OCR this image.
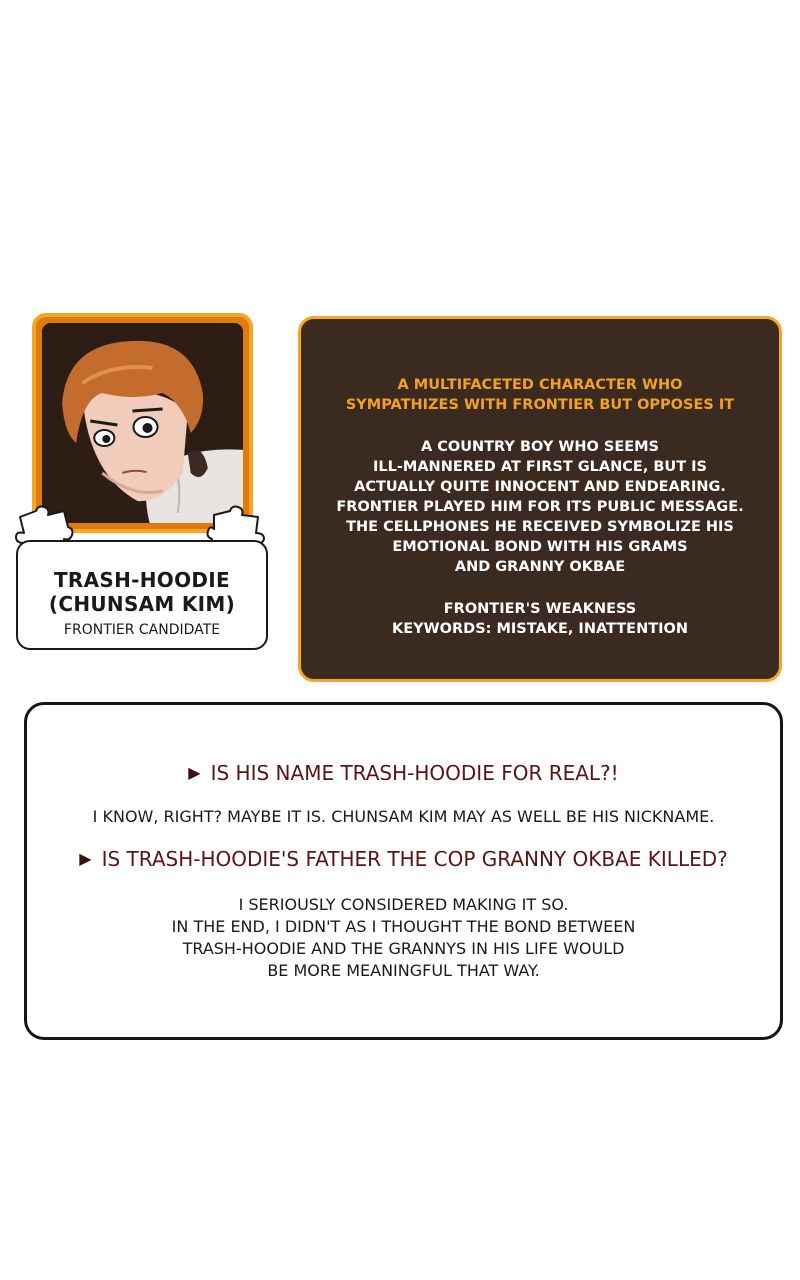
TRASH-HOODIE
(CHUNSAM KIM)
FRONTIER CANDIDATE
A MULTIFACETED CHARACTER WHO
SYMPATHIZES WITH FRONTIER BUT OPPOSES IT
A COUNTRY BOY WHO SEEMS
ILL-MANNERED AT FIRST GLANCE, BUT IS
ACTUALLY QUITE INNOCENT AND ENDEARING.
FRONTIER PLAYED HIM FOR ITS PUBLIC MESSAGE.
THE CELLPHONES HE RECEIVED SYMBOLIZE HIS
EMOTIONAL BOND WITH HIS GRAMS
AND GRANNY OKBAE
FRONTIER'S WEAKNESS
KEYWORDS: MISTAKE, INATTENTION
▶ IS HIS NAME TRASH-HOODIE FOR REAL?!
I KNOW, RIGHT? MAYBE IT IS. CHUNSAM KIM MAY AS WELL BE HIS NICKNAME.
▶ IS TRASH-HOODIE'S FATHER THE COP GRANNY OKBAE KILLED?
I SERIOUSLY CONSIDERED MAKING IT SO.
IN THE END, I DIDN'T AS I THOUGHT THE BOND BETWEEN
TRASH-HOODIE AND THE GRANNYS IN HIS LIFE WOULD
BE MORE MEANINGFUL THAT WAY.
